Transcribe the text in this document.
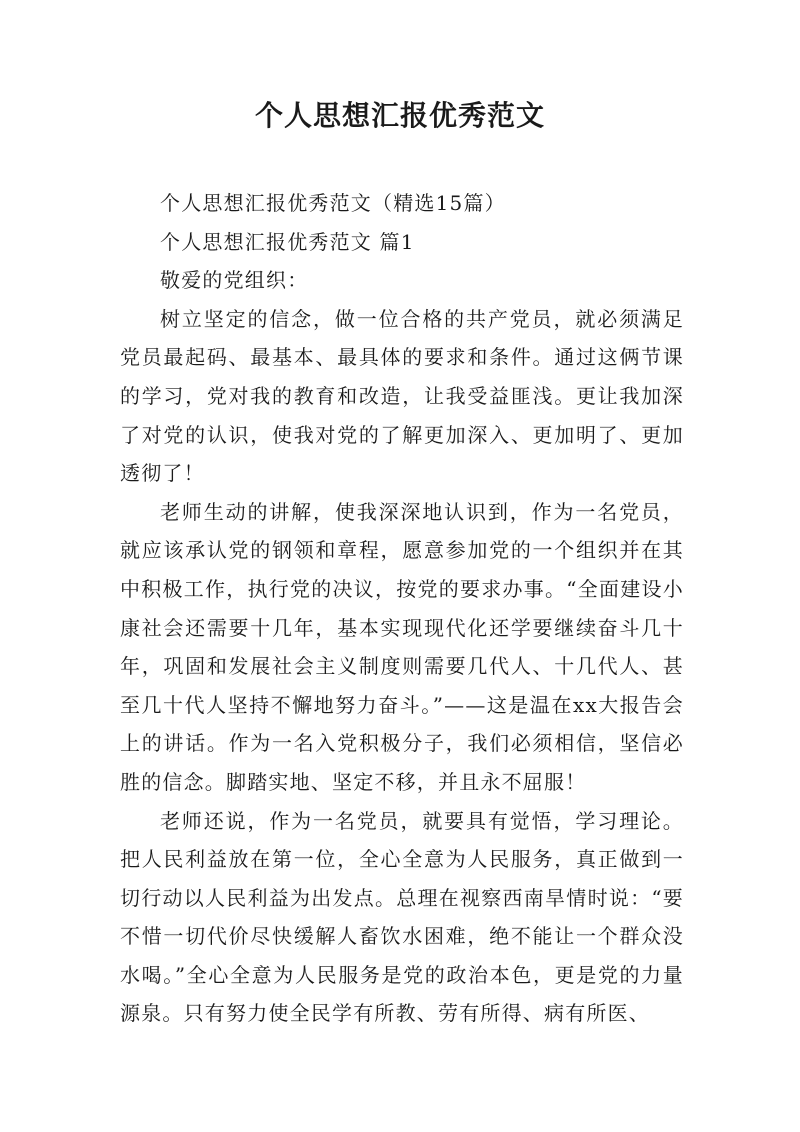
个人思想汇报优秀范文

个人思想汇报优秀范文（精选15篇）

个人思想汇报优秀范文 篇1

敬爱的党组织：

树立坚定的信念，做一位合格的共产党员，就必须满足党员最起码、最基本、最具体的要求和条件。通过这俩节课的学习，党对我的教育和改造，让我受益匪浅。更让我加深了对党的认识，使我对党的了解更加深入、更加明了、更加透彻了！

老师生动的讲解，使我深深地认识到，作为一名党员，就应该承认党的钢领和章程，愿意参加党的一个组织并在其中积极工作，执行党的决议，按党的要求办事。“全面建设小康社会还需要十几年，基本实现现代化还学要继续奋斗几十年，巩固和发展社会主义制度则需要几代人、十几代人、甚至几十代人坚持不懈地努力奋斗。”——这是温在xx大报告会上的讲话。作为一名入党积极分子，我们必须相信，坚信必胜的信念。脚踏实地、坚定不移，并且永不屈服！

老师还说，作为一名党员，就要具有觉悟，学习理论。把人民利益放在第一位，全心全意为人民服务，真正做到一切行动以人民利益为出发点。总理在视察西南旱情时说：“要不惜一切代价尽快缓解人畜饮水困难，绝不能让一个群众没水喝。”全心全意为人民服务是党的政治本色，更是党的力量源泉。只有努力使全民学有所教、劳有所得、病有所医、
